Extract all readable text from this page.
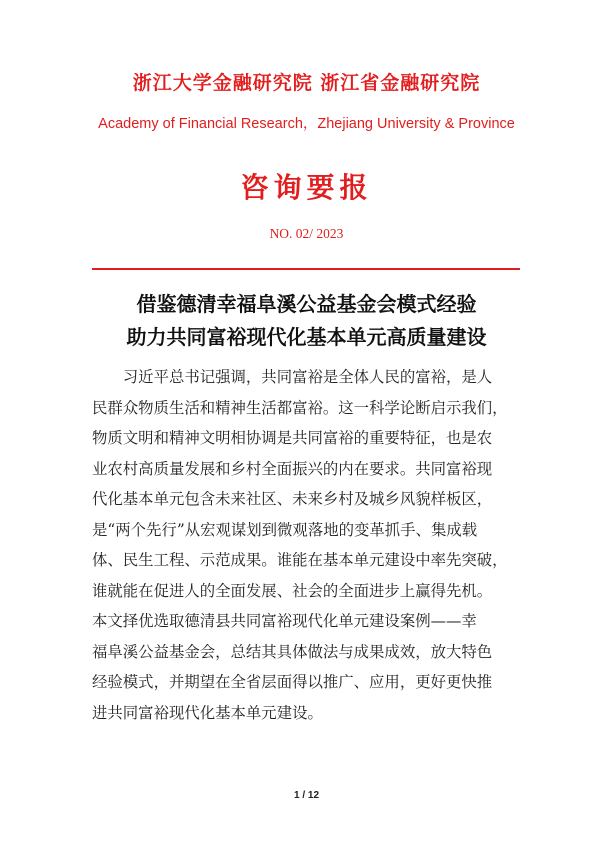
浙江大学金融研究院 浙江省金融研究院
Academy of Financial Research，Zhejiang University & Province
咨询要报
NO. 02/ 2023
借鉴德清幸福阜溪公益基金会模式经验
助力共同富裕现代化基本单元高质量建设
　　习近平总书记强调，共同富裕是全体人民的富裕，是人
民群众物质生活和精神生活都富裕。这一科学论断启示我们，
物质文明和精神文明相协调是共同富裕的重要特征，也是农
业农村高质量发展和乡村全面振兴的内在要求。共同富裕现
代化基本单元包含未来社区、未来乡村及城乡风貌样板区，
是“两个先行”从宏观谋划到微观落地的变革抓手、集成载
体、民生工程、示范成果。谁能在基本单元建设中率先突破，
谁就能在促进人的全面发展、社会的全面进步上赢得先机。
本文择优选取德清县共同富裕现代化单元建设案例——幸
福阜溪公益基金会，总结其具体做法与成果成效，放大特色
经验模式，并期望在全省层面得以推广、应用，更好更快推
进共同富裕现代化基本单元建设。
1 / 12
